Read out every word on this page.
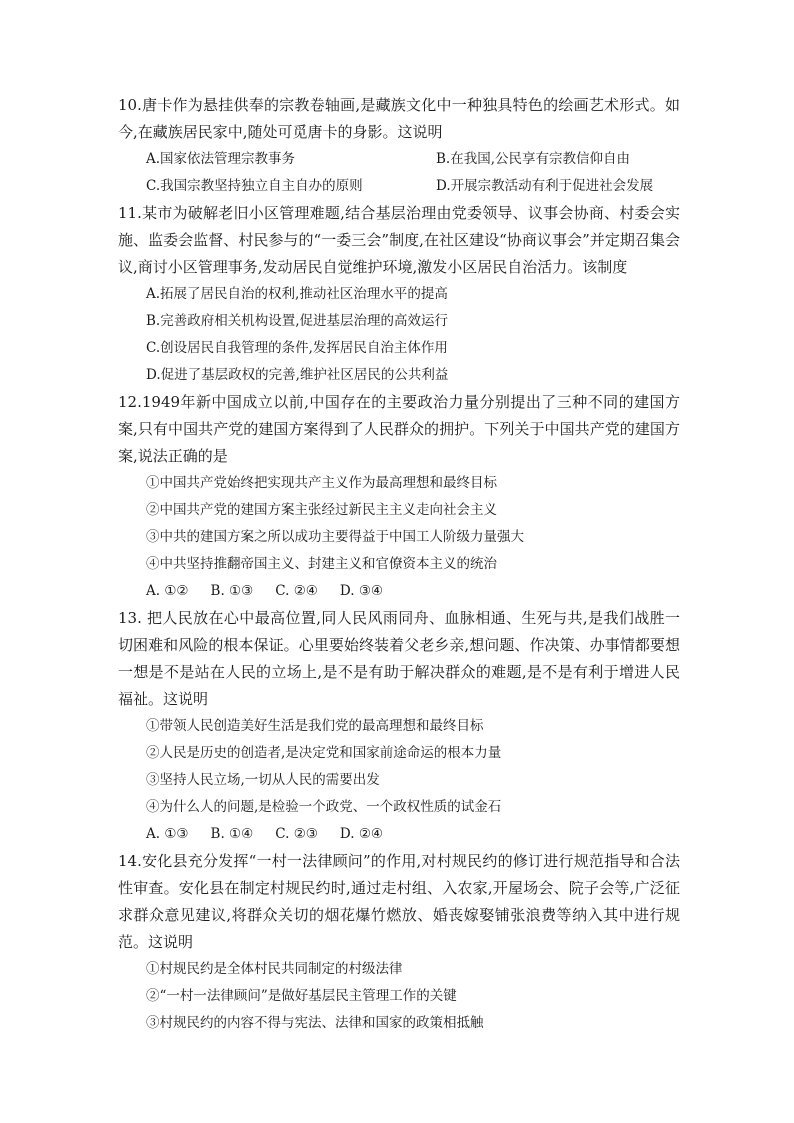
10.唐卡作为悬挂供奉的宗教卷轴画,是藏族文化中一种独具特色的绘画艺术形式。如今,在藏族居民家中,随处可觅唐卡的身影。这说明

A.国家依法管理宗教事务	B.在我国,公民享有宗教信仰自由
C.我国宗教坚持独立自主自办的原则	D.开展宗教活动有利于促进社会发展

11.某市为破解老旧小区管理难题,结合基层治理由党委领导、议事会协商、村委会实施、监委会监督、村民参与的“一委三会”制度,在社区建设“协商议事会”并定期召集会议,商讨小区管理事务,发动居民自觉维护环境,激发小区居民自治活力。该制度

A.拓展了居民自治的权利,推动社区治理水平的提高
B.完善政府相关机构设置,促进基层治理的高效运行
C.创设居民自我管理的条件,发挥居民自治主体作用
D.促进了基层政权的完善,维护社区居民的公共利益

12.1949年新中国成立以前,中国存在的主要政治力量分别提出了三种不同的建国方案,只有中国共产党的建国方案得到了人民群众的拥护。下列关于中国共产党的建国方案,说法正确的是

①中国共产党始终把实现共产主义作为最高理想和最终目标
②中国共产党的建国方案主张经过新民主主义走向社会主义
③中共的建国方案之所以成功主要得益于中国工人阶级力量强大
④中共坚持推翻帝国主义、封建主义和官僚资本主义的统治
A. ①② B. ①③ C. ②④ D. ③④

13. 把人民放在心中最高位置,同人民风雨同舟、血脉相通、生死与共,是我们战胜一切困难和风险的根本保证。心里要始终装着父老乡亲,想问题、作决策、办事情都要想一想是不是站在人民的立场上,是不是有助于解决群众的难题,是不是有利于增进人民福祉。这说明

①带领人民创造美好生活是我们党的最高理想和最终目标
②人民是历史的创造者,是决定党和国家前途命运的根本力量
③坚持人民立场,一切从人民的需要出发
④为什么人的问题,是检验一个政党、一个政权性质的试金石
A. ①③ B. ①④ C. ②③ D. ②④

14.安化县充分发挥“一村一法律顾问”的作用,对村规民约的修订进行规范指导和合法性审查。安化县在制定村规民约时,通过走村组、入农家,开屋场会、院子会等,广泛征求群众意见建议,将群众关切的烟花爆竹燃放、婚丧嫁娶铺张浪费等纳入其中进行规范。这说明

①村规民约是全体村民共同制定的村级法律
②“一村一法律顾问”是做好基层民主管理工作的关键
③村规民约的内容不得与宪法、法律和国家的政策相抵触
